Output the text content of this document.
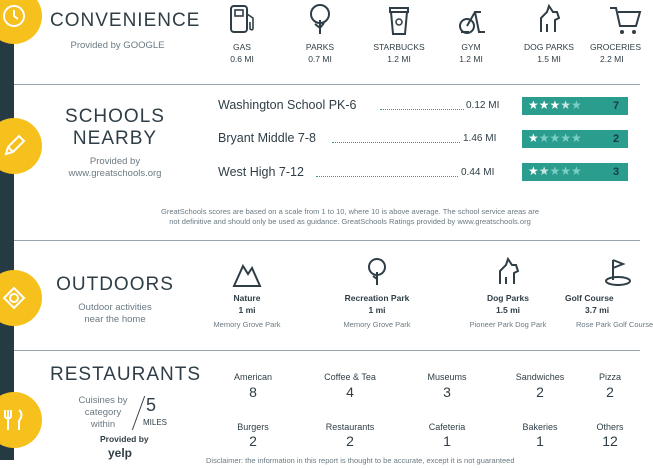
CONVENIENCE
Provided by GOOGLE	GAS
0.6 MI
PARKS
0.7 MI
STARBUCKS
1.2 MI
GYM
1.2 MI
DOG PARKS
1.5 MI
GROCERIES
2.2 MI
SCHOOLS
NEARBY
Provided by
www.greatschools.org
Washington School PK-6	0.12 MI ★★★★★	7
Bryant Middle 7-8	1.46 MI	★★★★★	2
West High 7-12	0.44 MI	★★★★★	3
GreatSchools scores are based on a scale from 1 to 10, where 10 is above average. The school service areas are
not definitive and should only be used as guidance. GreatSchools Ratings provided by www.greatschools.org
OUTDOORS
Outdoor activities
near the home
Nature
1 mi
Memory Grove Park
Recreation Park
1 mi
Memory Grove Park
Dog Parks
1.5 mi
Pioneer Park Dog Park
Golf Course
3.7 mi
Rose Park Golf Course
RESTAURANTS
Cuisines by
category
within
5
MILES
Provided by
yelp
American
8
Coffee & Tea
4
Museums
3
Sandwiches
2
Pizza
2
Burgers
2
Restaurants
2
Cafeteria
1
Bakeries
1
Others
12
Disclaimer: the information in this report is thought to be accurate, except it is not guaranteed
